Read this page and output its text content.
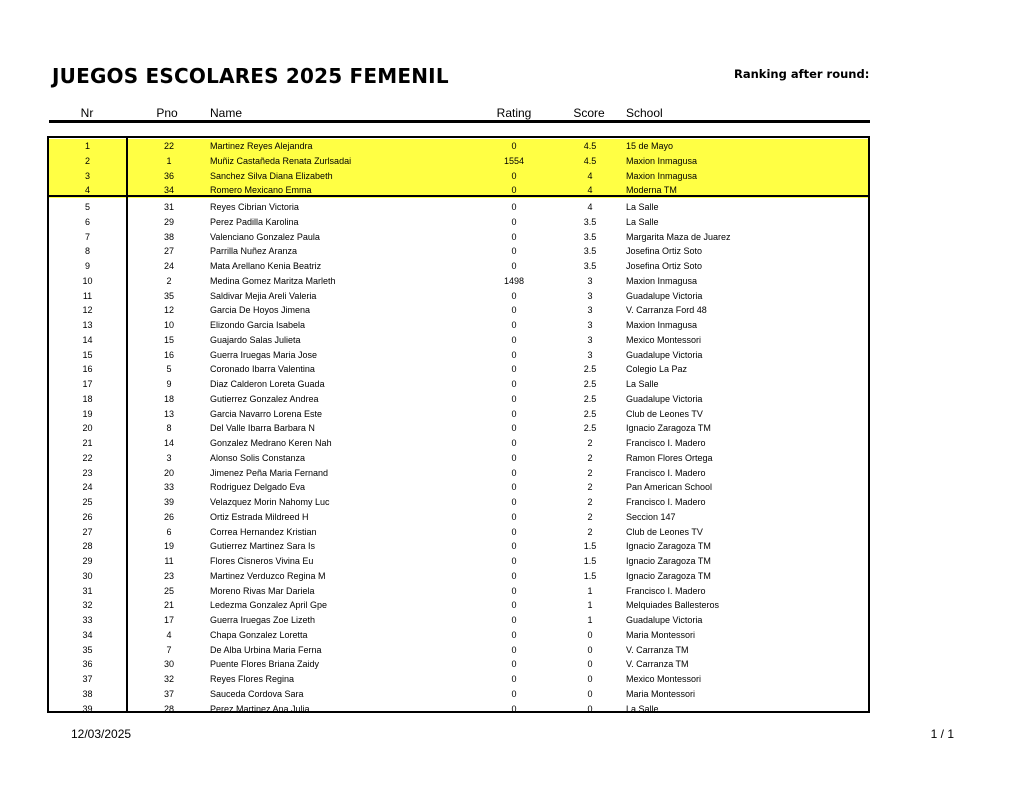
JUEGOS ESCOLARES 2025 FEMENIL	Ranking after round:
Nr	Pno	Name	Rating	Score	School
1	22	Martinez Reyes Alejandra	0	4.5	15 de Mayo
2	1	Muñiz Castañeda Renata Zurlsadai	1554	4.5	Maxion Inmagusa
3	36	Sanchez Silva Diana Elizabeth	0	4	Maxion Inmagusa
4	34	Romero Mexicano Emma	0	4	Moderna TM
5	31	Reyes Cibrian Victoria	0	4	La Salle
6	29	Perez Padilla Karolina	0	3.5	La Salle
7	38	Valenciano Gonzalez Paula	0	3.5	Margarita Maza de Juarez
8	27	Parrilla Nuñez Aranza	0	3.5	Josefina Ortiz Soto
9	24	Mata Arellano Kenia Beatriz	0	3.5	Josefina Ortiz Soto
10	2	Medina Gomez Maritza Marleth	1498	3	Maxion Inmagusa
11	35	Saldivar Mejia Areli Valeria	0	3	Guadalupe Victoria
12	12	Garcia De Hoyos Jimena	0	3	V. Carranza Ford 48
13	10	Elizondo Garcia Isabela	0	3	Maxion Inmagusa
14	15	Guajardo Salas Julieta	0	3	Mexico Montessori
15	16	Guerra Iruegas Maria Jose	0	3	Guadalupe Victoria
16	5	Coronado Ibarra Valentina	0	2.5	Colegio La Paz
17	9	Diaz Calderon Loreta Guada	0	2.5	La Salle
18	18	Gutierrez Gonzalez Andrea	0	2.5	Guadalupe Victoria
19	13	Garcia Navarro Lorena Este	0	2.5	Club de Leones TV
20	8	Del Valle Ibarra Barbara N	0	2.5	Ignacio Zaragoza TM
21	14	Gonzalez Medrano Keren Nah	0	2	Francisco I. Madero
22	3	Alonso Solis Constanza	0	2	Ramon Flores Ortega
23	20	Jimenez Peña Maria Fernand	0	2	Francisco I. Madero
24	33	Rodriguez Delgado Eva	0	2	Pan American School
25	39	Velazquez Morin Nahomy Luc	0	2	Francisco I. Madero
26	26	Ortiz Estrada Mildreed H	0	2	Seccion 147
27	6	Correa Hernandez Kristian	0	2	Club de Leones TV
28	19	Gutierrez Martinez Sara Is	0	1.5	Ignacio Zaragoza TM
29	11	Flores Cisneros Vivina Eu	0	1.5	Ignacio Zaragoza TM
30	23	Martinez Verduzco Regina M	0	1.5	Ignacio Zaragoza TM
31	25	Moreno Rivas Mar Dariela	0	1	Francisco I. Madero
32	21	Ledezma Gonzalez April Gpe	0	1	Melquiades Ballesteros
33	17	Guerra Iruegas Zoe Lizeth	0	1	Guadalupe Victoria
34	4	Chapa Gonzalez Loretta	0	0	Maria Montessori
35	7	De Alba Urbina Maria Ferna	0	0	V. Carranza TM
36	30	Puente Flores Briana Zaidy	0	0	V. Carranza TM
37	32	Reyes Flores Regina	0	0	Mexico Montessori
38	37	Sauceda Cordova Sara	0	0	Maria Montessori
39	28	Perez Martinez Ana Julia	0	0	La Salle
12/03/2025	1 / 1
